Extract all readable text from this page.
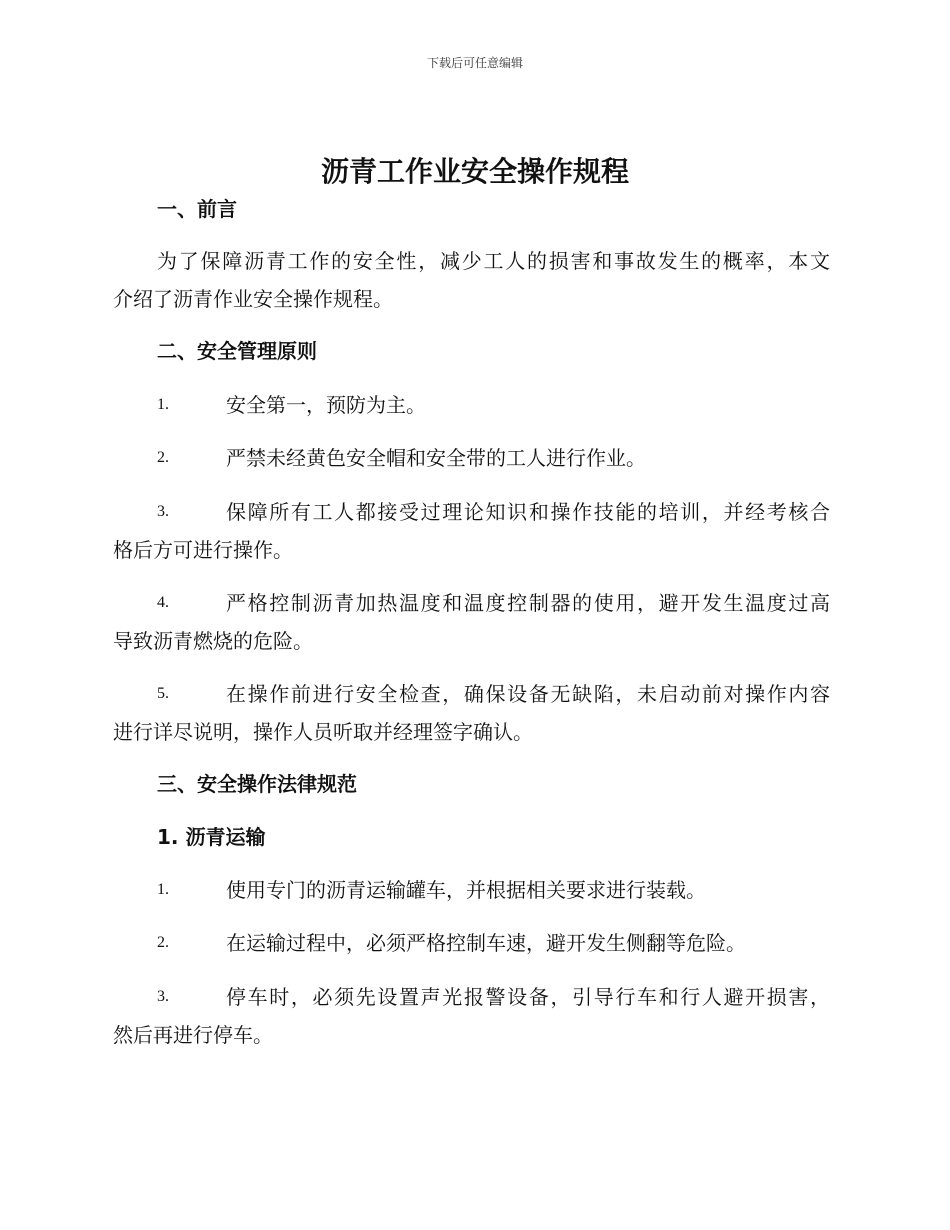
下载后可任意编辑
沥青工作业安全操作规程
一、前言
为了保障沥青工作的安全性，减少工人的损害和事故发生的概率，本文
介绍了沥青作业安全操作规程。
二、安全管理原则
1.	安全第一，预防为主。
2.	严禁未经黄色安全帽和安全带的工人进行作业。
3.	保障所有工人都接受过理论知识和操作技能的培训，并经考核合
格后方可进行操作。
4.	严格控制沥青加热温度和温度控制器的使用，避开发生温度过高
导致沥青燃烧的危险。
5.	在操作前进行安全检查，确保设备无缺陷，未启动前对操作内容
进行详尽说明，操作人员听取并经理签字确认。
三、安全操作法律规范
1. 沥青运输
1.	使用专门的沥青运输罐车，并根据相关要求进行装载。
2.	在运输过程中，必须严格控制车速，避开发生侧翻等危险。
3.	停车时，必须先设置声光报警设备，引导行车和行人避开损害，
然后再进行停车。
